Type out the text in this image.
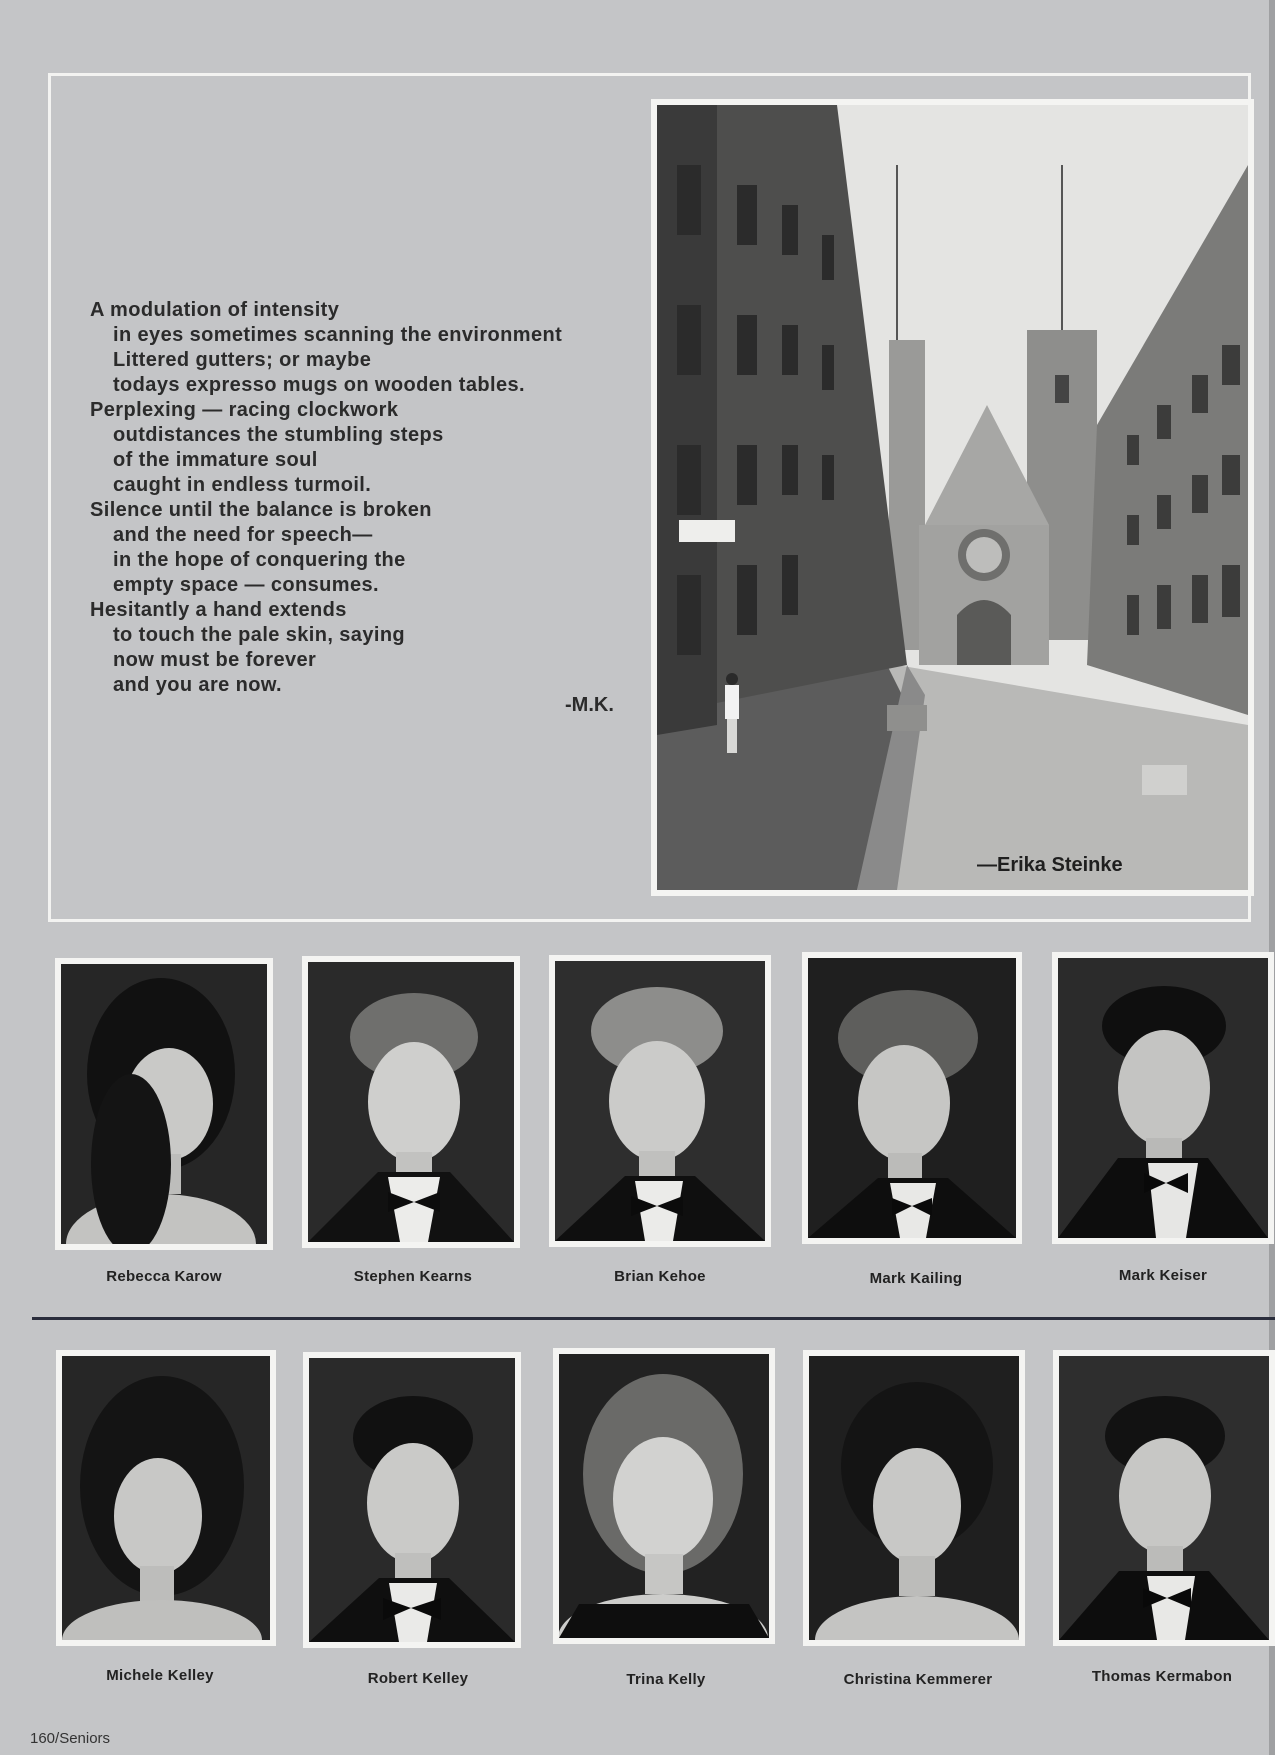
A modulation of intensity
in eyes sometimes scanning the environment
Littered gutters; or maybe
todays expresso mugs on wooden tables.
Perplexing — racing clockwork
outdistances the stumbling steps
of the immature soul
caught in endless turmoil.
Silence until the balance is broken
and the need for speech—
in the hope of conquering the
empty space — consumes.
Hesitantly a hand extends
to touch the pale skin, saying
now must be forever
and you are now.
-M.K.
—Erika Steinke
Rebecca Karow	Stephen Kearns	Brian Kehoe	Mark Kailing	Mark Keiser
Michele Kelley	Robert Kelley	Trina Kelly	Christina Kemmerer	Thomas Kermabon
160/Seniors
